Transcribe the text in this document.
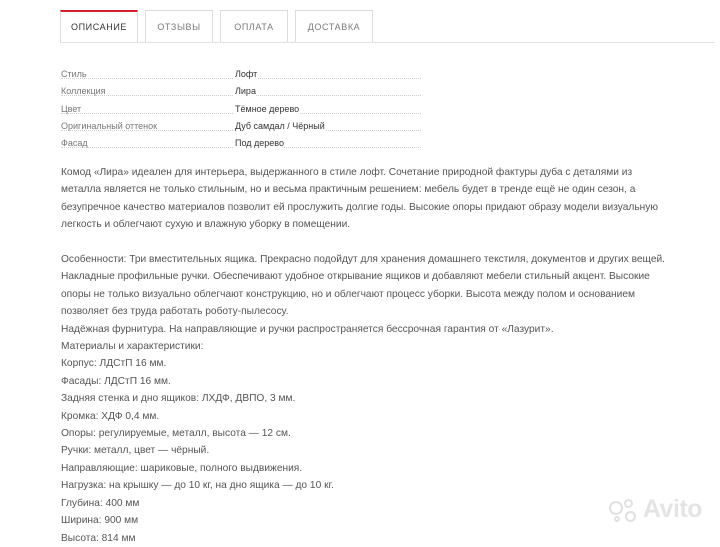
ОПИСАНИЕ	ОТЗЫВЫ	ОПЛАТА	ДОСТАВКА
Стиль	Лофт
Коллекция	Лира
Цвет	Тёмное дерево
Оригинальный оттенок	Дуб самдал / Чёрный
Фасад	Под дерево

Комод «Лира» идеален для интерьера, выдержанного в стиле лофт. Сочетание природной фактуры дуба с деталями из

металла является не только стильным, но и весьма практичным решением: мебель будет в тренде ещё не один сезон, а

безупречное качество материалов позволит ей прослужить долгие годы. Высокие опоры придают образу модели визуальную

легкость и облегчают сухую и влажную уборку в помещении.

Особенности: Три вместительных ящика. Прекрасно подойдут для хранения домашнего текстиля, документов и других вещей.

Накладные профильные ручки. Обеспечивают удобное открывание ящиков и добавляют мебели стильный акцент. Высокие

опоры не только визуально облегчают конструкцию, но и облегчают процесс уборки. Высота между полом и основанием

позволяет без труда работать роботу-пылесосу.

Надёжная фурнитура. На направляющие и ручки распространяется бессрочная гарантия от «Лазурит».

Материалы и характеристики:

Корпус: ЛДСтП 16 мм.

Фасады: ЛДСтП 16 мм.

Задняя стенка и дно ящиков: ЛХДФ, ДВПО, 3 мм.

Кромка: ХДФ 0,4 мм.

Опоры: регулируемые, металл, высота — 12 см.

Ручки: металл, цвет — чёрный.

Направляющие: шариковые, полного выдвижения.

Нагрузка: на крышку — до 10 кг, на дно ящика — до 10 кг.

Глубина: 400 мм

Ширина: 900 мм

Высота: 814 мм

Avito
